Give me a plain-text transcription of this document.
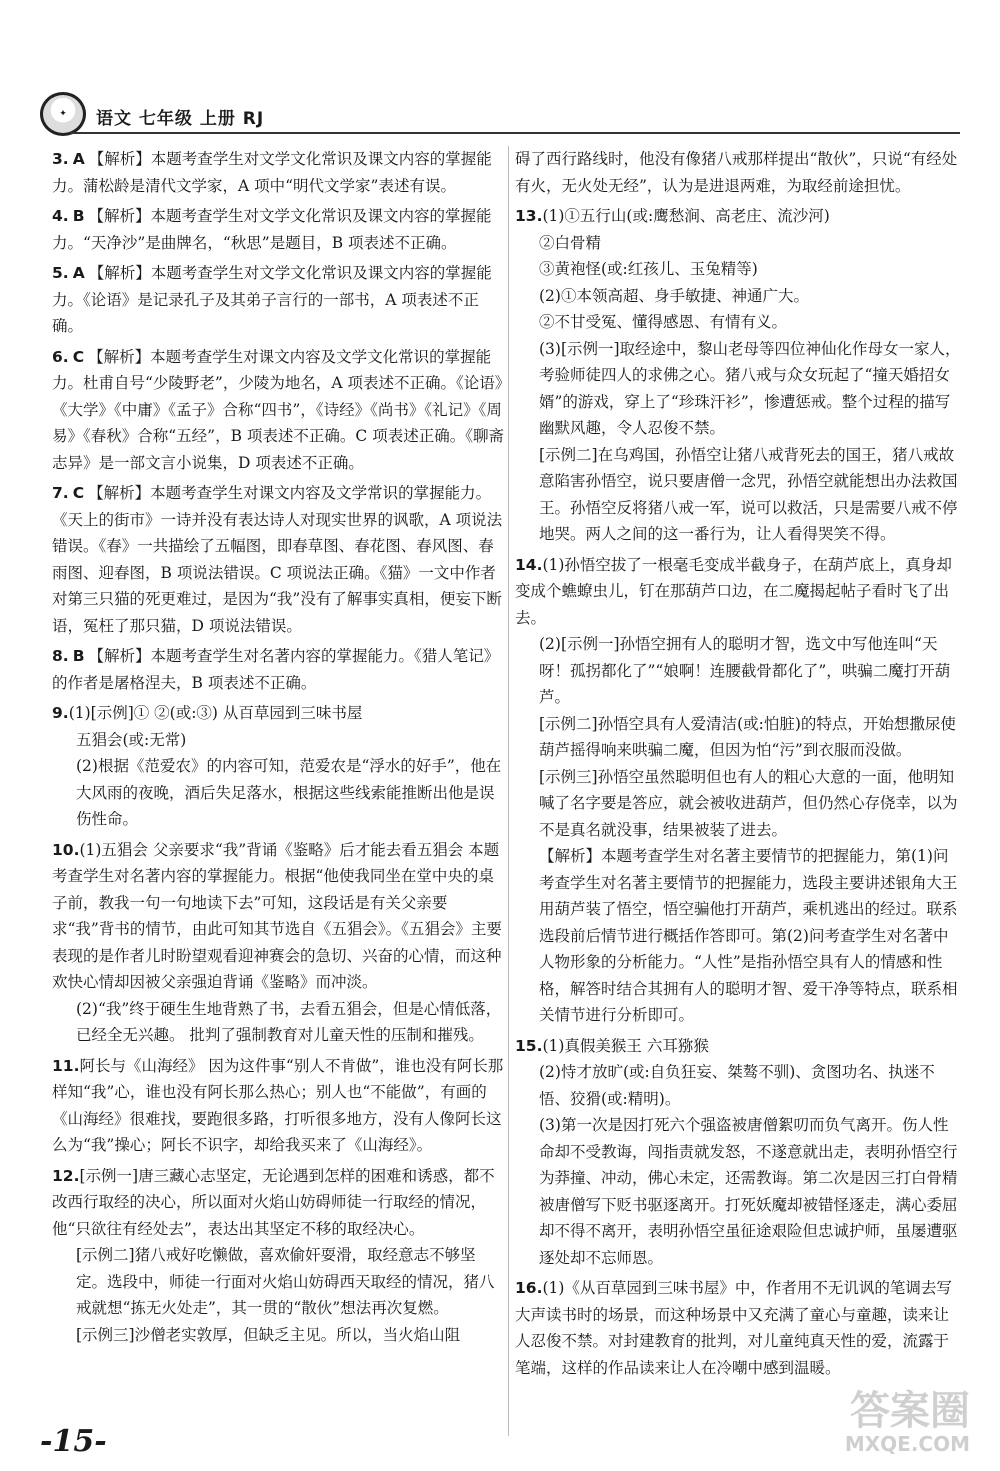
✦	语文 七年级 上册 RJ

3. A 【解析】本题考查学生对文学文化常识及课文内容的掌握能力。蒲松龄是清代文学家，A 项中“明代文学家”表述有误。

4. B 【解析】本题考查学生对文学文化常识及课文内容的掌握能力。“天净沙”是曲牌名，“秋思”是题目，B 项表述不正确。

5. A 【解析】本题考查学生对文学文化常识及课文内容的掌握能力。《论语》是记录孔子及其弟子言行的一部书，A 项表述不正确。

6. C 【解析】本题考查学生对课文内容及文学文化常识的掌握能力。杜甫自号“少陵野老”，少陵为地名，A 项表述不正确。《论语》《大学》《中庸》《孟子》合称“四书”，《诗经》《尚书》《礼记》《周易》《春秋》合称“五经”，B 项表述不正确。C 项表述正确。《聊斋志异》是一部文言小说集，D 项表述不正确。

7. C 【解析】本题考查学生对课文内容及文学常识的掌握能力。《天上的街市》一诗并没有表达诗人对现实世界的讽歌，A 项说法错误。《春》一共描绘了五幅图，即春草图、春花图、春风图、春雨图、迎春图，B 项说法错误。C 项说法正确。《猫》一文中作者对第三只猫的死更难过，是因为“我”没有了解事实真相，便妄下断语，冤枉了那只猫，D 项说法错误。

8. B 【解析】本题考查学生对名著内容的掌握能力。《猎人笔记》的作者是屠格涅夫，B 项表述不正确。

9.(1)[示例]① ②(或:③) 从百草园到三味书屋

五猖会(或:无常)

(2)根据《范爱农》的内容可知，范爱农是“浮水的好手”，他在大风雨的夜晚，酒后失足落水，根据这些线索能推断出他是误伤性命。

10.(1)五猖会 父亲要求“我”背诵《鉴略》后才能去看五猖会 本题考查学生对名著内容的掌握能力。根据“他使我同坐在堂中央的桌子前，教我一句一句地读下去”可知，这段话是有关父亲要求“我”背书的情节，由此可知其节选自《五猖会》。《五猖会》主要表现的是作者儿时盼望观看迎神赛会的急切、兴奋的心情，而这种欢快心情却因被父亲强迫背诵《鉴略》而冲淡。

(2)“我”终于硬生生地背熟了书，去看五猖会，但是心情低落，已经全无兴趣。 批判了强制教育对儿童天性的压制和摧残。

11.阿长与《山海经》 因为这件事“别人不肯做”，谁也没有阿长那样知“我”心，谁也没有阿长那么热心；别人也“不能做”，有画的《山海经》很难找，要跑很多路，打听很多地方，没有人像阿长这么为“我”操心；阿长不识字，却给我买来了《山海经》。

12.[示例一]唐三藏心志坚定，无论遇到怎样的困难和诱惑，都不改西行取经的决心，所以面对火焰山妨碍师徒一行取经的情况，他“只欲往有经处去”，表达出其坚定不移的取经决心。

[示例二]猪八戒好吃懒做，喜欢偷奸耍滑，取经意志不够坚定。选段中，师徒一行面对火焰山妨碍西天取经的情况，猪八戒就想“拣无火处走”，其一贯的“散伙”想法再次复燃。

[示例三]沙僧老实敦厚，但缺乏主见。所以，当火焰山阻

碍了西行路线时，他没有像猪八戒那样提出“散伙”，只说“有经处有火，无火处无经”，认为是进退两难，为取经前途担忧。

13.(1)①五行山(或:鹰愁涧、高老庄、流沙河)

②白骨精

③黄袍怪(或:红孩儿、玉兔精等)

(2)①本领高超、身手敏捷、神通广大。

②不甘受冤、懂得感恩、有情有义。

(3)[示例一]取经途中，黎山老母等四位神仙化作母女一家人，考验师徒四人的求佛之心。猪八戒与众女玩起了“撞天婚招女婿”的游戏，穿上了“珍珠汗衫”，惨遭惩戒。整个过程的描写幽默风趣，令人忍俊不禁。

[示例二]在乌鸡国，孙悟空让猪八戒背死去的国王，猪八戒故意陷害孙悟空，说只要唐僧一念咒，孙悟空就能想出办法救国王。孙悟空反将猪八戒一军，说可以救活，只是需要八戒不停地哭。两人之间的这一番行为，让人看得哭笑不得。

14.(1)孙悟空拔了一根毫毛变成半截身子，在葫芦底上，真身却变成个蟭蟟虫儿，钉在那葫芦口边，在二魔揭起帖子看时飞了出去。

(2)[示例一]孙悟空拥有人的聪明才智，选文中写他连叫“天呀！孤拐都化了”“娘啊！连腰截骨都化了”，哄骗二魔打开葫芦。

[示例二]孙悟空具有人爱清洁(或:怕脏)的特点，开始想撒尿使葫芦摇得响来哄骗二魔，但因为怕“污”到衣服而没做。

[示例三]孙悟空虽然聪明但也有人的粗心大意的一面，他明知喊了名字要是答应，就会被收进葫芦，但仍然心存侥幸，以为不是真名就没事，结果被装了进去。

【解析】本题考查学生对名著主要情节的把握能力，第(1)问考查学生对名著主要情节的把握能力，选段主要讲述银角大王用葫芦装了悟空，悟空骗他打开葫芦，乘机逃出的经过。联系选段前后情节进行概括作答即可。第(2)问考查学生对名著中人物形象的分析能力。“人性”是指孙悟空具有人的情感和性格，解答时结合其拥有人的聪明才智、爱干净等特点，联系相关情节进行分析即可。

15.(1)真假美猴王 六耳猕猴

(2)恃才放旷(或:自负狂妄、桀骜不驯)、贪图功名、执迷不悟、狡猾(或:精明)。

(3)第一次是因打死六个强盗被唐僧絮叨而负气离开。伤人性命却不受教诲，闯指责就发怒，不遂意就出走，表明孙悟空行为莽撞、冲动，佛心未定，还需教诲。第二次是因三打白骨精被唐僧写下贬书驱逐离开。打死妖魔却被错怪逐走，满心委屈却不得不离开，表明孙悟空虽征途艰险但忠诚护师，虽屡遭驱逐处却不忘师恩。

16.(1)《从百草园到三味书屋》中，作者用不无讥讽的笔调去写大声读书时的场景，而这种场景中又充满了童心与童趣，读来让人忍俊不禁。对封建教育的批判，对儿童纯真天性的爱，流露于笔端，这样的作品读来让人在冷嘲中感到温暖。

-15-
答案圈
MXQE.COM
